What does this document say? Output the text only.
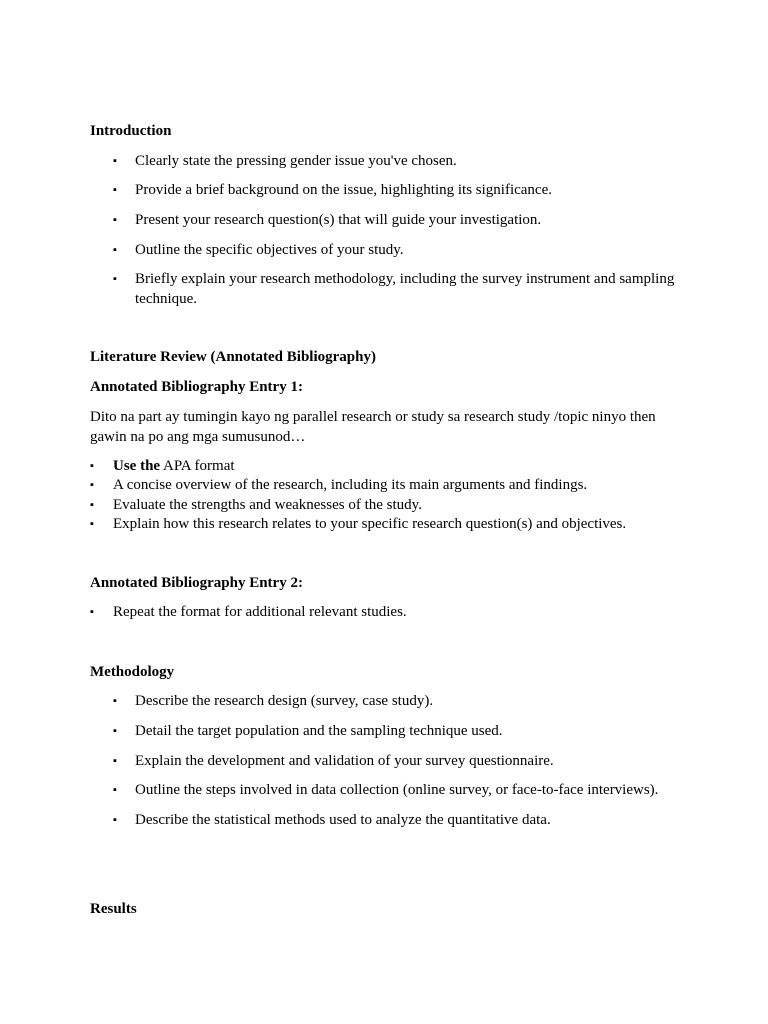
Introduction
▪ Clearly state the pressing gender issue you've chosen.
▪ Provide a brief background on the issue, highlighting its significance.
▪ Present your research question(s) that will guide your investigation.
▪ Outline the specific objectives of your study.
▪ Briefly explain your research methodology, including the survey instrument and sampling technique.
Literature Review (Annotated Bibliography)
Annotated Bibliography Entry 1:
Dito na part ay tumingin kayo ng parallel research or study sa research study /topic ninyo then gawin na po ang mga sumusunod…
▪ Use the APA format
▪ A concise overview of the research, including its main arguments and findings.
▪ Evaluate the strengths and weaknesses of the study.
▪ Explain how this research relates to your specific research question(s) and objectives.
Annotated Bibliography Entry 2:
▪ Repeat the format for additional relevant studies.
Methodology
▪ Describe the research design (survey, case study).
▪ Detail the target population and the sampling technique used.
▪ Explain the development and validation of your survey questionnaire.
▪ Outline the steps involved in data collection (online survey, or face-to-face interviews).
▪ Describe the statistical methods used to analyze the quantitative data.
Results
